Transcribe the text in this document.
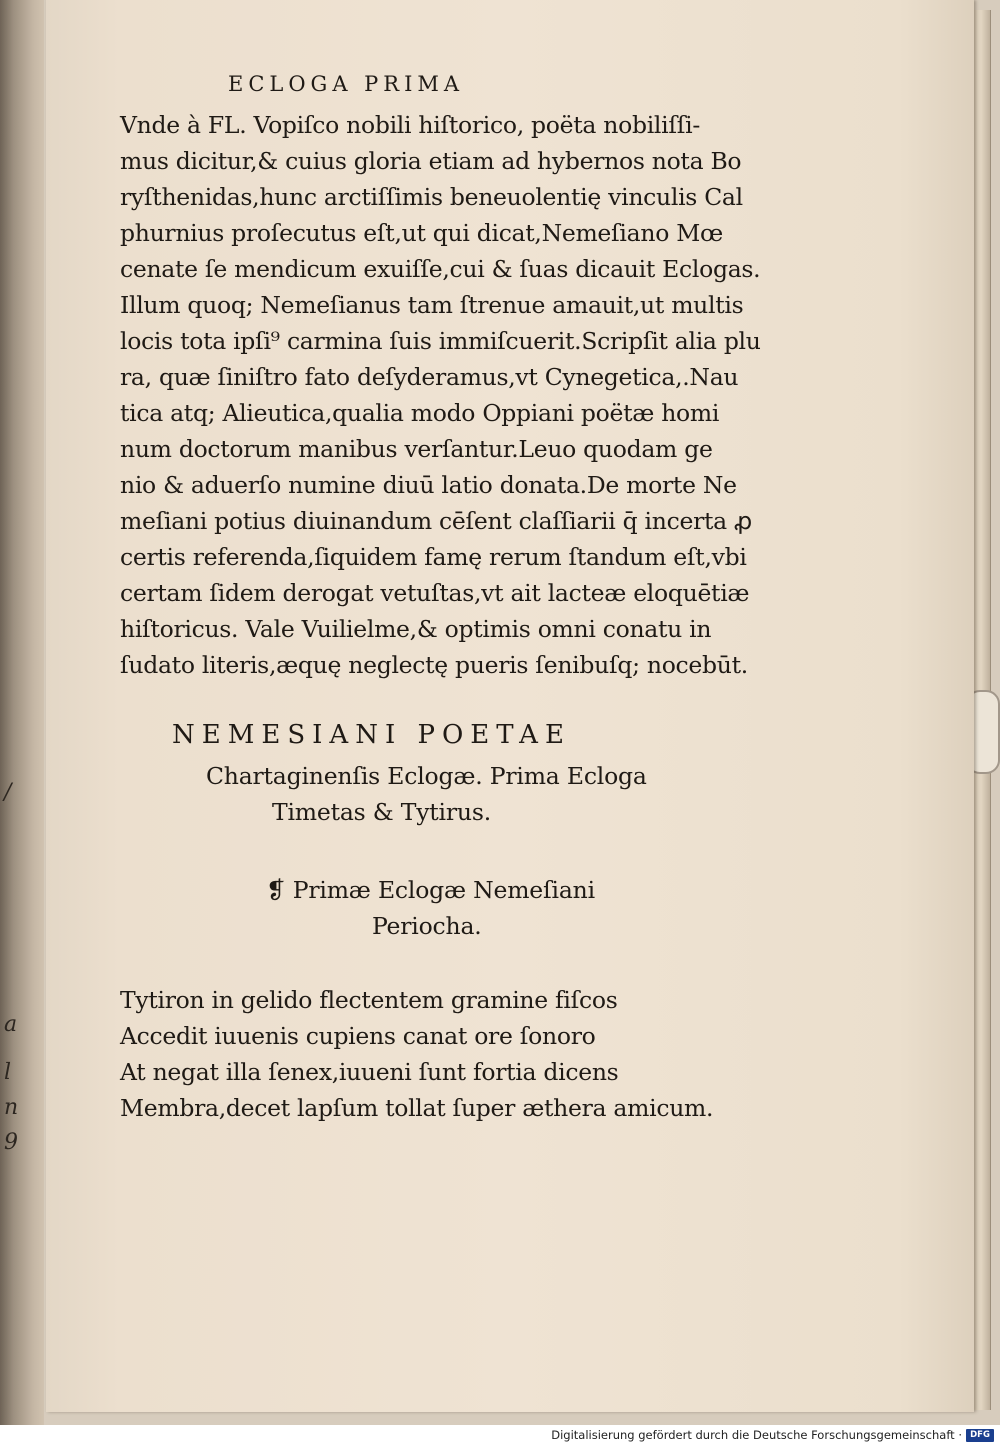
/
a
l
n
9
ECLOGA PRIMA
Vnde à FL. Vopiſco nobili hiſtorico, poëta nobiliſſi-
mus dicitur,& cuius gloria etiam ad hybernos nota Bo
ryſthenidas,hunc arctiſſimis beneuolentię vinculis Cal
phurnius proſecutus eſt,ut qui dicat,Nemeſiano Mœ
cenate ſe mendicum exuiſſe,cui & ſuas dicauit Eclogas.
Illum quoq; Nemeſianus tam ſtrenue amauit,ut multis
locis tota ipſi⁹ carmina ſuis immiſcuerit.Scripſit alia plu
ra, quæ ſiniſtro fato deſyderamus,vt Cynegetica,.Nau
tica atq; Alieutica,qualia modo Oppiani poëtæ homi
num doctorum manibus verſantur.Leuo quodam ge
nio & aduerſo numine diuū latio donata.De morte Ne
meſiani potius diuinandum cēſent claſſiarii q̄ incerta ꝓ
certis referenda,ſiquidem famę rerum ſtandum eſt,vbi
certam ſidem derogat vetuſtas,vt ait lacteæ eloquētiæ
hiſtoricus. Vale Vuilielme,& optimis omni conatu in
ſudato literis,æquę neglectę pueris ſenibuſq; nocebūt.
NEMESIANI POETAE
Chartaginenſis Eclogæ. Prima Ecloga
Timetas & Tytirus.
❡ Primæ Eclogæ Nemeſiani
Periocha.
Tytiron in gelido flectentem gramine fiſcos
Accedit iuuenis cupiens canat ore ſonoro
At negat illa ſenex,iuueni ſunt fortia dicens
Membra,decet lapſum tollat ſuper æthera amicum.
Digitalisierung gefördert durch die Deutsche Forschungsgemeinschaft · DFG
